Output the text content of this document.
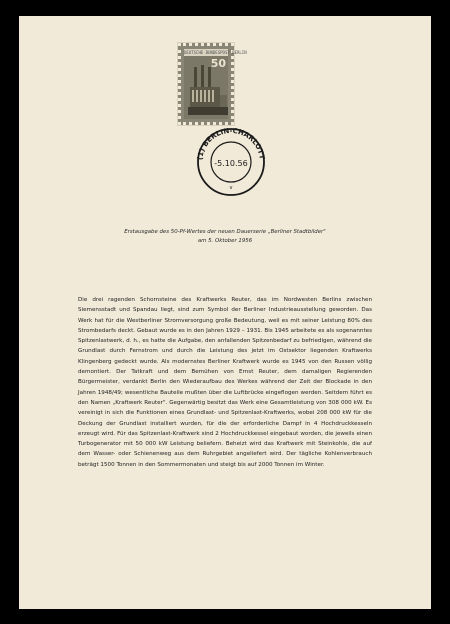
DEUTSCHE BUNDESPOST BERLIN
50
(1) BERLIN-CHARLOTT
-5.10.56
v
Erstausgabe des 50-Pf-Wertes der neuen Dauerserie „Berliner Stadtbilder"
am 5. Oktober 1956

Die drei ragenden Schornsteine des Kraftwerks Reuter, das im Nordwesten Berlins zwischen Siemensstadt und Spandau liegt, sind zum Symbol der Berliner Industrieausstellung geworden. Das Werk hat für die Westberliner Stromversorgung große Bedeutung, weil es mit seiner Leistung 80% des Strombedarfs deckt. Gebaut wurde es in den Jahren 1929 – 1931. Bis 1945 arbeitete es als sogenanntes Spitzenlastwerk, d. h., es hatte die Aufgabe, den anfallenden Spitzenbedarf zu befriedigen, während die Grundlast durch Fernstrom und durch die Leistung des jetzt im Ostsektor liegenden Kraftwerks Klingenberg gedeckt wurde. Als modernstes Berliner Kraftwerk wurde es 1945 von den Russen völlig demontiert. Der Tatkraft und dem Bemühen von Ernst Reuter, dem damaligen Regierenden Bürgermeister, verdankt Berlin den Wiederaufbau des Werkes während der Zeit der Blockade in den Jahren 1948/49; wesentliche Bauteile mußten über die Luftbrücke eingeflogen werden. Seitdem führt es den Namen „Kraftwerk Reuter". Gegenwärtig besitzt das Werk eine Gesamtleistung von 308 000 kW. Es vereinigt in sich die Funktionen eines Grundlast- und Spitzenlast-Kraftwerks, wobei 208 000 kW für die Deckung der Grundlast installiert wurden, für die der erforderliche Dampf in 4 Hochdruckkesseln erzeugt wird. Für das Spitzenlast-Kraftwerk sind 2 Hochdruckkessel eingebaut worden, die jeweils einen Turbogenerator mit 50 000 kW Leistung beliefern. Beheizt wird das Kraftwerk mit Steinkohle, die auf dem Wasser- oder Schienenweg aus dem Ruhrgebiet angeliefert wird. Der tägliche Kohlenverbrauch beträgt 1500 Tonnen in den Sommermonaten und steigt bis auf 2000 Tonnen im Winter.
